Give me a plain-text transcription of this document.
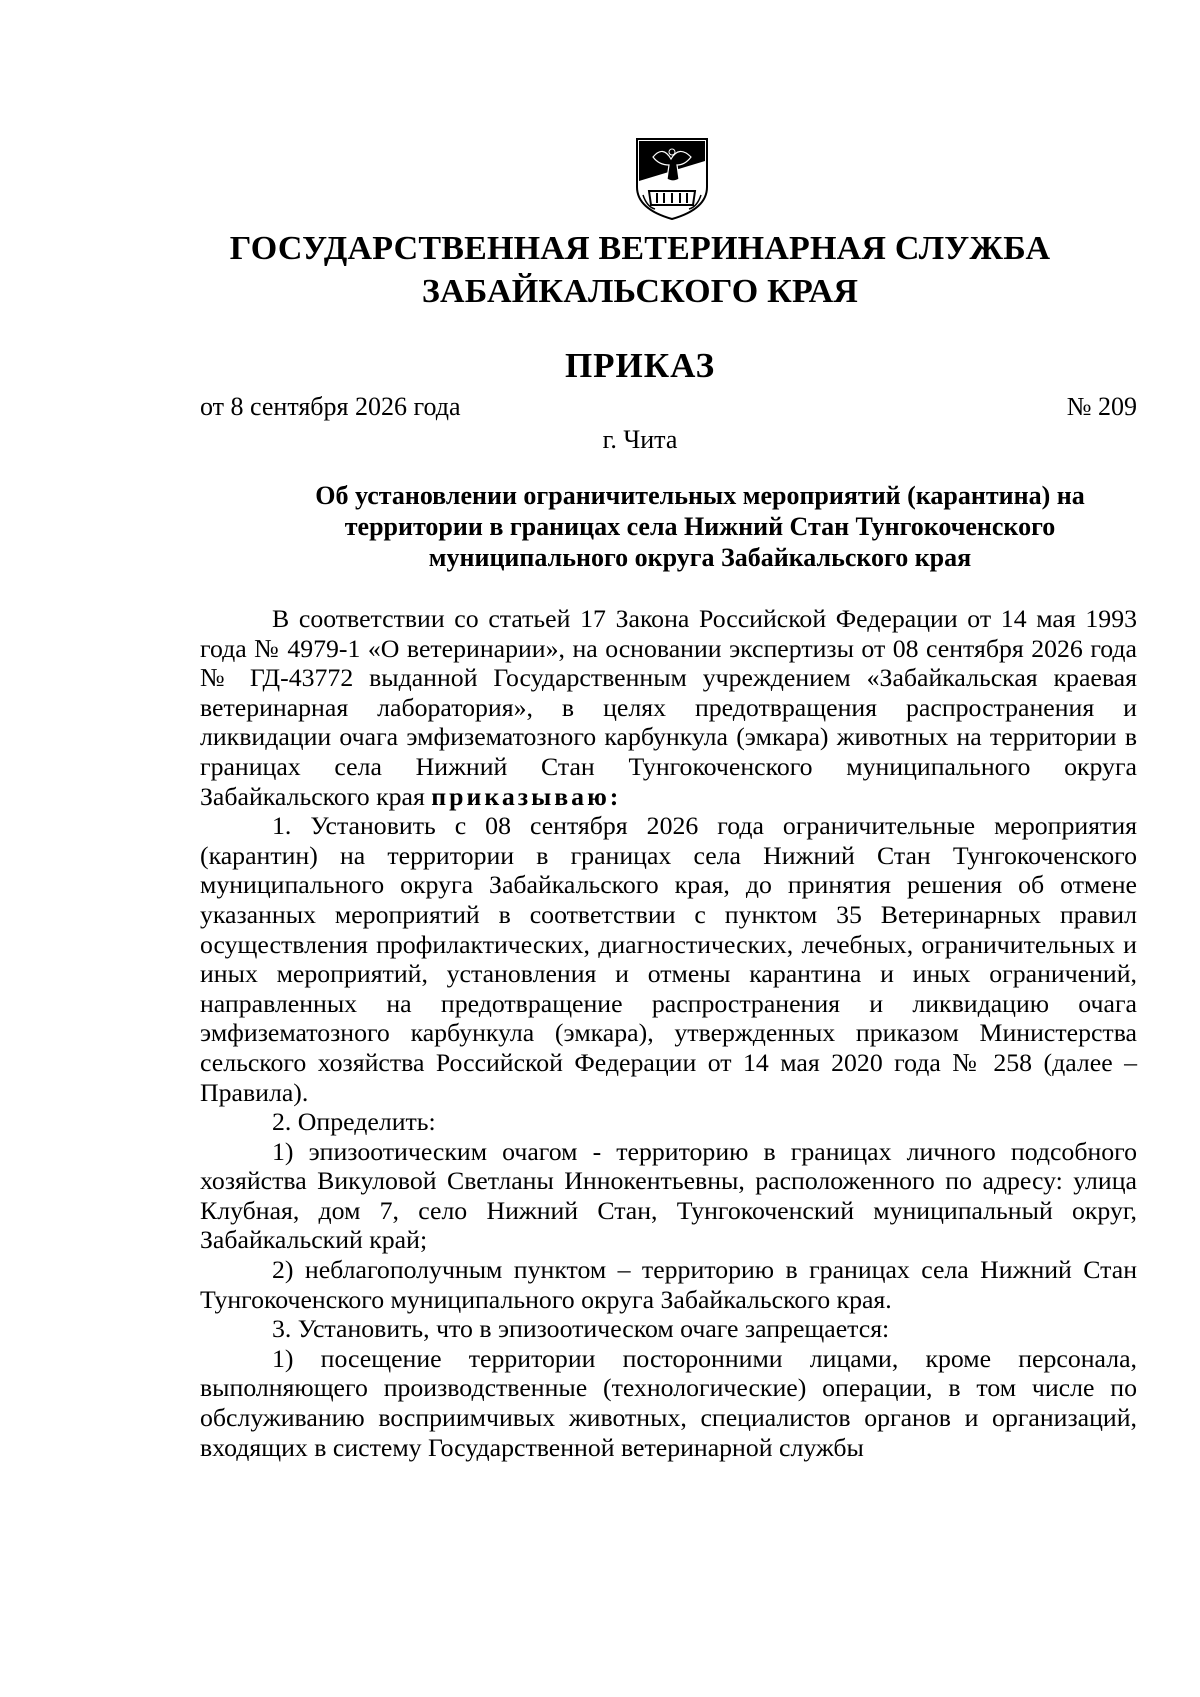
ГОСУДАРСТВЕННАЯ ВЕТЕРИНАРНАЯ СЛУЖБА
ЗАБАЙКАЛЬСКОГО КРАЯ
ПРИКАЗ
от 8 сентября 2026 года	№ 209
г. Чита
Об установлении ограничительных мероприятий (карантина) на
территории в границах села Нижний Стан Тунгокоченского
муниципального округа Забайкальского края

В соответствии со статьей 17 Закона Российской Федерации от 14 мая 1993 года № 4979-1 «О ветеринарии», на основании экспертизы от 08 сентября 2026 года № ГД-43772 выданной Государственным учреждением «Забайкальская краевая ветеринарная лаборатория», в целях предотвращения распространения и ликвидации очага эмфизематозного карбункула (эмкара) животных на территории в границах села Нижний Стан Тунгокоченского муниципального округа Забайкальского края приказываю:

1. Установить с 08 сентября 2026 года ограничительные мероприятия (карантин) на территории в границах села Нижний Стан Тунгокоченского муниципального округа Забайкальского края, до принятия решения об отмене указанных мероприятий в соответствии с пунктом 35 Ветеринарных правил осуществления профилактических, диагностических, лечебных, ограничительных и иных мероприятий, установления и отмены карантина и иных ограничений, направленных на предотвращение распространения и ликвидацию очага эмфизематозного карбункула (эмкара), утвержденных приказом Министерства сельского хозяйства Российской Федерации от 14 мая 2020 года № 258 (далее – Правила).

2. Определить:

1) эпизоотическим очагом - территорию в границах личного подсобного хозяйства Викуловой Светланы Иннокентьевны, расположенного по адресу: улица Клубная, дом 7, село Нижний Стан, Тунгокоченский муниципальный округ, Забайкальский край;

2) неблагополучным пунктом – территорию в границах села Нижний Стан Тунгокоченского муниципального округа Забайкальского края.

3. Установить, что в эпизоотическом очаге запрещается:

1) посещение территории посторонними лицами, кроме персонала, выполняющего производственные (технологические) операции, в том числе по обслуживанию восприимчивых животных, специалистов органов и организаций, входящих в систему Государственной ветеринарной службы
